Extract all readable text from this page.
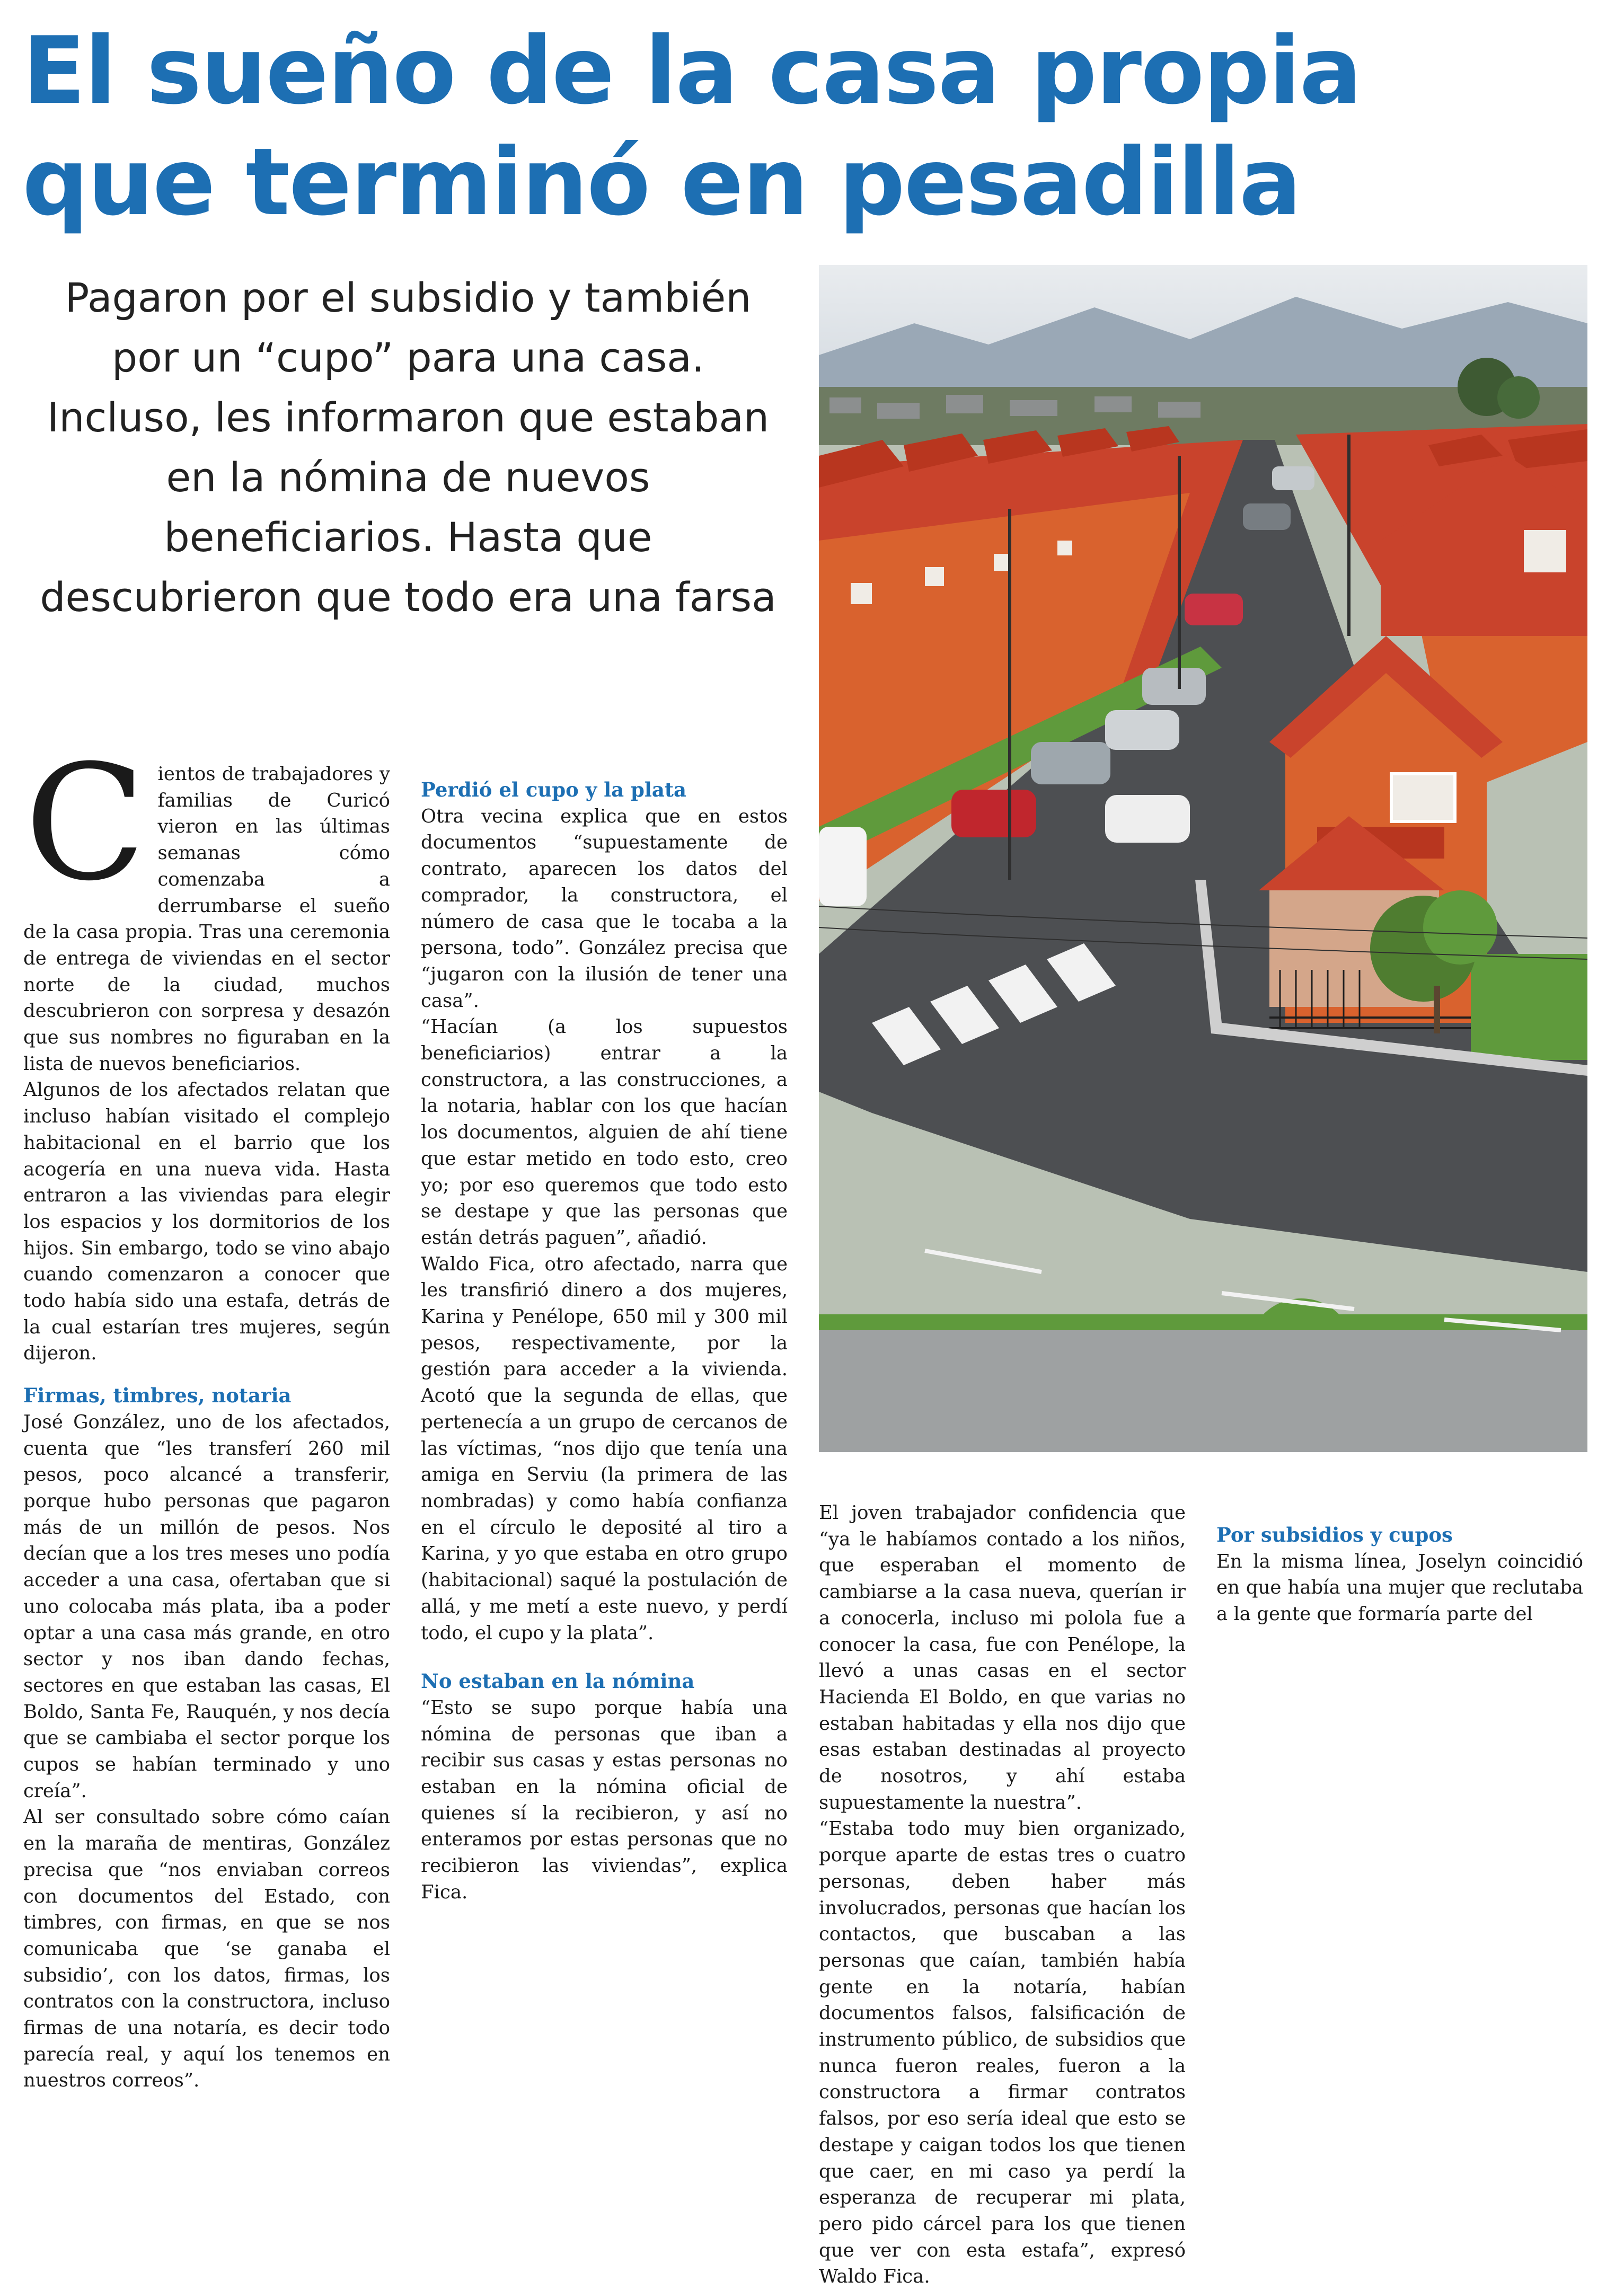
El sueño de la casa propia
que terminó en pesadilla

Pagaron por el subsidio y también por un “cupo” para una casa. Incluso, les informaron que estaban en la nómina de nuevos beneficiarios. Hasta que descubrieron que todo era una farsa

Cientos de trabajadores y familias de Curicó vieron en las últimas semanas cómo comenzaba a derrumbarse el sueño de la casa propia. Tras una ceremonia de entrega de viviendas en el sector norte de la ciudad, muchos descubrieron con sorpresa y desazón que sus nombres no figuraban en la lista de nuevos beneficiarios.

Algunos de los afectados relatan que incluso habían visitado el complejo habitacional en el barrio que los acogería en una nueva vida. Hasta entraron a las viviendas para elegir los espacios y los dormitorios de los hijos. Sin embargo, todo se vino abajo cuando comenzaron a conocer que todo había sido una estafa, detrás de la cual estarían tres mujeres, según dijeron.

Firmas, timbres, notaria

José González, uno de los afectados, cuenta que “les transferí 260 mil pesos, poco alcancé a transferir, porque hubo personas que pagaron más de un millón de pesos. Nos decían que a los tres meses uno podía acceder a una casa, ofertaban que si uno colocaba más plata, iba a poder optar a una casa más grande, en otro sector y nos iban dando fechas, sectores en que estaban las casas, El Boldo, Santa Fe, Rauquén, y nos decía que se cambiaba el sector porque los cupos se habían terminado y uno creía”.

Al ser consultado sobre cómo caían en la maraña de mentiras, González precisa que “nos enviaban correos con documentos del Estado, con timbres, con firmas, en que se nos comunicaba que ‘se ganaba el subsidio’, con los datos, firmas, los contratos con la constructora, incluso firmas de una notaría, es decir todo parecía real, y aquí los tenemos en nuestros correos”.

Perdió el cupo y la plata

Otra vecina explica que en estos documentos “supuestamente de contrato, aparecen los datos del comprador, la constructora, el número de casa que le tocaba a la persona, todo”. González precisa que “jugaron con la ilusión de tener una casa”.

“Hacían (a los supuestos beneficiarios) entrar a la constructora, a las construcciones, a la notaria, hablar con los que hacían los documentos, alguien de ahí tiene que estar metido en todo esto, creo yo; por eso queremos que todo esto se destape y que las personas que están detrás paguen”, añadió.

Waldo Fica, otro afectado, narra que les transfirió dinero a dos mujeres, Karina y Penélope, 650 mil y 300 mil pesos, respectivamente, por la gestión para acceder a la vivienda. Acotó que la segunda de ellas, que pertenecía a un grupo de cercanos de las víctimas, “nos dijo que tenía una amiga en Serviu (la primera de las nombradas) y como había confianza en el círculo le deposité al tiro a Karina, y yo que estaba en otro grupo (habitacional) saqué la postulación de allá, y me metí a este nuevo, y perdí todo, el cupo y la plata”.

No estaban en la nómina

“Esto se supo porque había una nómina de personas que iban a recibir sus casas y estas personas no estaban en la nómina oficial de quienes sí la recibieron, y así no enteramos por estas personas que no recibieron las viviendas”, explica Fica.

El joven trabajador confidencia que “ya le habíamos contado a los niños, que esperaban el momento de cambiarse a la casa nueva, querían ir a conocerla, incluso mi polola fue a conocer la casa, fue con Penélope, la llevó a unas casas en el sector Hacienda El Boldo, en que varias no estaban habitadas y ella nos dijo que esas estaban destinadas al proyecto de nosotros, y ahí estaba supuestamente la nuestra”.

“Estaba todo muy bien organizado, porque aparte de estas tres o cuatro personas, deben haber más involucrados, personas que hacían los contactos, que buscaban a las personas que caían, también había gente en la notaría, habían documentos falsos, falsificación de instrumento público, de subsidios que nunca fueron reales, fueron a la constructora a firmar contratos falsos, por eso sería ideal que esto se destape y caigan todos los que tienen que caer, en mi caso ya perdí la esperanza de recuperar mi plata, pero pido cárcel para los que tienen que ver con esta estafa”, expresó Waldo Fica.

Por subsidios y cupos

En la misma línea, Joselyn coincidió en que había una mujer que reclutaba a la gente que formaría parte del
